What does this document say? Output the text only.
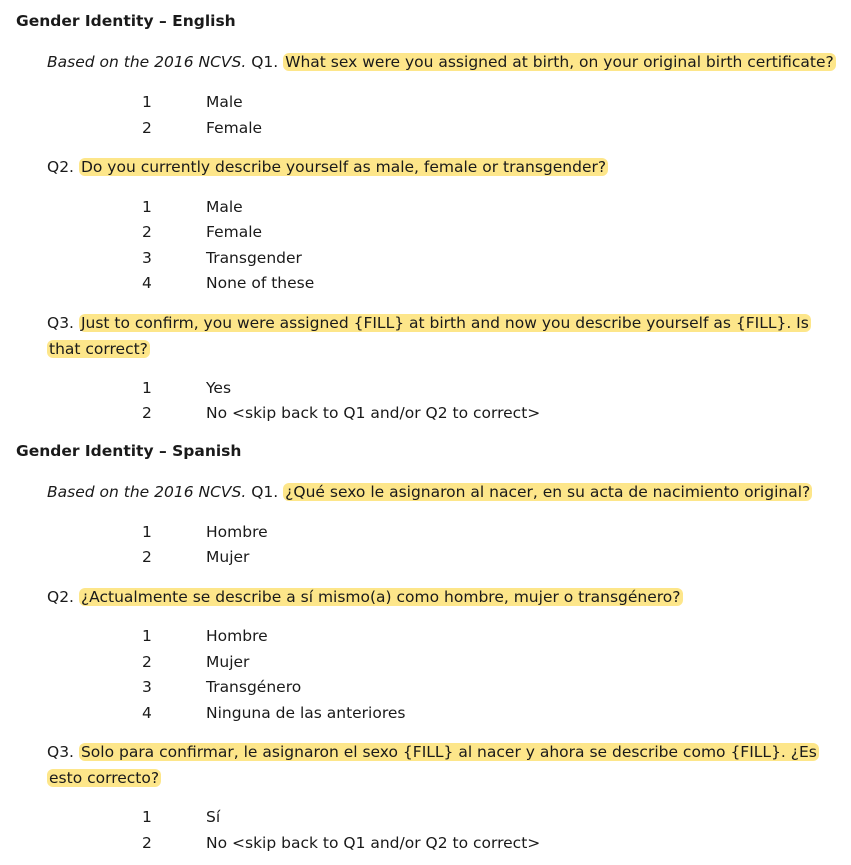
Gender Identity – English
Based on the 2016 NCVS. Q1. What sex were you assigned at birth, on your original birth certificate?
1	Male
2	Female
Q2. Do you currently describe yourself as male, female or transgender?
1	Male
2	Female
3	Transgender
4	None of these
Q3. Just to confirm, you were assigned {FILL} at birth and now you describe yourself as {FILL}. Is that correct?
1	Yes
2	No <skip back to Q1 and/or Q2 to correct>
Gender Identity – Spanish
Based on the 2016 NCVS. Q1. ¿Qué sexo le asignaron al nacer, en su acta de nacimiento original?
1	Hombre
2	Mujer
Q2. ¿Actualmente se describe a sí mismo(a) como hombre, mujer o transgénero?
1	Hombre
2	Mujer
3	Transgénero
4	Ninguna de las anteriores
Q3. Solo para confirmar, le asignaron el sexo {FILL} al nacer y ahora se describe como {FILL}. ¿Es esto correcto?
1	Sí
2	No <skip back to Q1 and/or Q2 to correct>
